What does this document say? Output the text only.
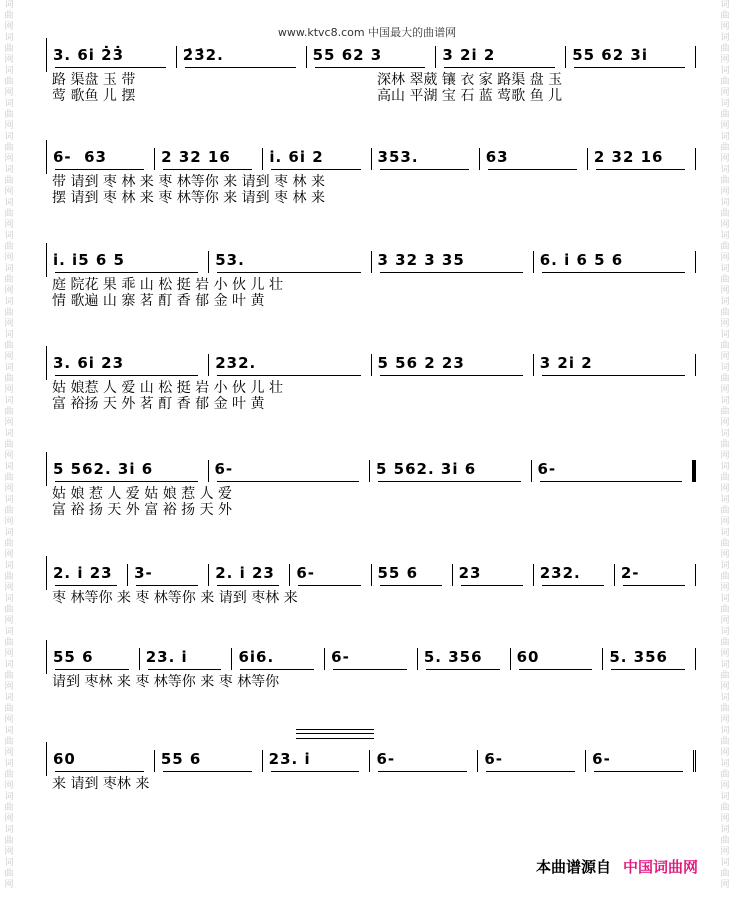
词
曲
网
词
曲
网
词
曲
网
词
曲
网
词
曲
网
词
曲
网
词
曲
网
词
曲
网
词
曲
网
词
曲
网
词
曲
网
词
曲
网
词
曲
网
词
曲
网
词
曲
网
词
曲
网
词
曲
网
词
曲
网
词
曲
网
词
曲
网
词
曲
网
词
曲
网
词
曲
网
词
曲
网
词
曲
网
词
曲
网
词
曲
网
词
曲
网
词
曲
网
词
曲
网
词
曲
网
词
曲
网
词
曲
网
词
曲
网
词
曲
网
词
曲
网
词
曲
网
词
曲
网
词
曲
网
词
曲
网
词
曲
网
词
曲
网
词
曲
网
词
曲
网
词
曲
网
词
曲
网
词
曲
网
词
曲
网
词
曲
网
词
曲
网
词
曲
网
词
曲
网
词
曲
网
词
曲
网
www.ktvc8.com 中国最大的曲谱网
3. 6i 2̇3̇	2̇3̇2.	55 62 3	3 2i 2	55 62 3i
路 渠盘 玉 带	深林 翠葳 镶 衣 家 路渠 盘 玉
莺 歌鱼 儿 摆	高山 平湖 宝 石 蓝 莺歌 鱼 儿
6-  63	2 32 16	i. 6i 2	353.	63	2 32 16
带 请到 枣 林 来 枣 林等你 来 请到 枣 林 来
摆 请到 枣 林 来 枣 林等你 来 请到 枣 林 来
i. i5 6 5	53.	3 32 3 35	6. i 6 5 6
庭 院花 果 乖 山 松 挺 岩 小 伙 儿 壮
情 歌遍 山 寨 茗 酊 香 郁 金 叶 黄
3. 6i 23	232.	5 56 2 23	3 2i 2
姑 娘惹 人 爱 山 松 挺 岩 小 伙 儿 壮
富 裕扬 天 外 茗 酊 香 郁 金 叶 黄
5 562. 3i 6	6-	5 562. 3i 6	6-
姑 娘 惹 人 爱 姑 娘 惹 人 爱
富 裕 扬 天 外 富 裕 扬 天 外
2. i 23	3-	2. i 23	6-	55 6	23	232.	2-
枣 林等你 来 枣 林等你 来 请到 枣林 来
55 6	23. i	6i6.	6-	5. 356	60	5. 356
请到 枣林 来 枣 林等你 来 枣 林等你
60	55 6	23. i	6-	6-	6-
来 请到 枣林 来
本曲谱源自 中国词曲网
